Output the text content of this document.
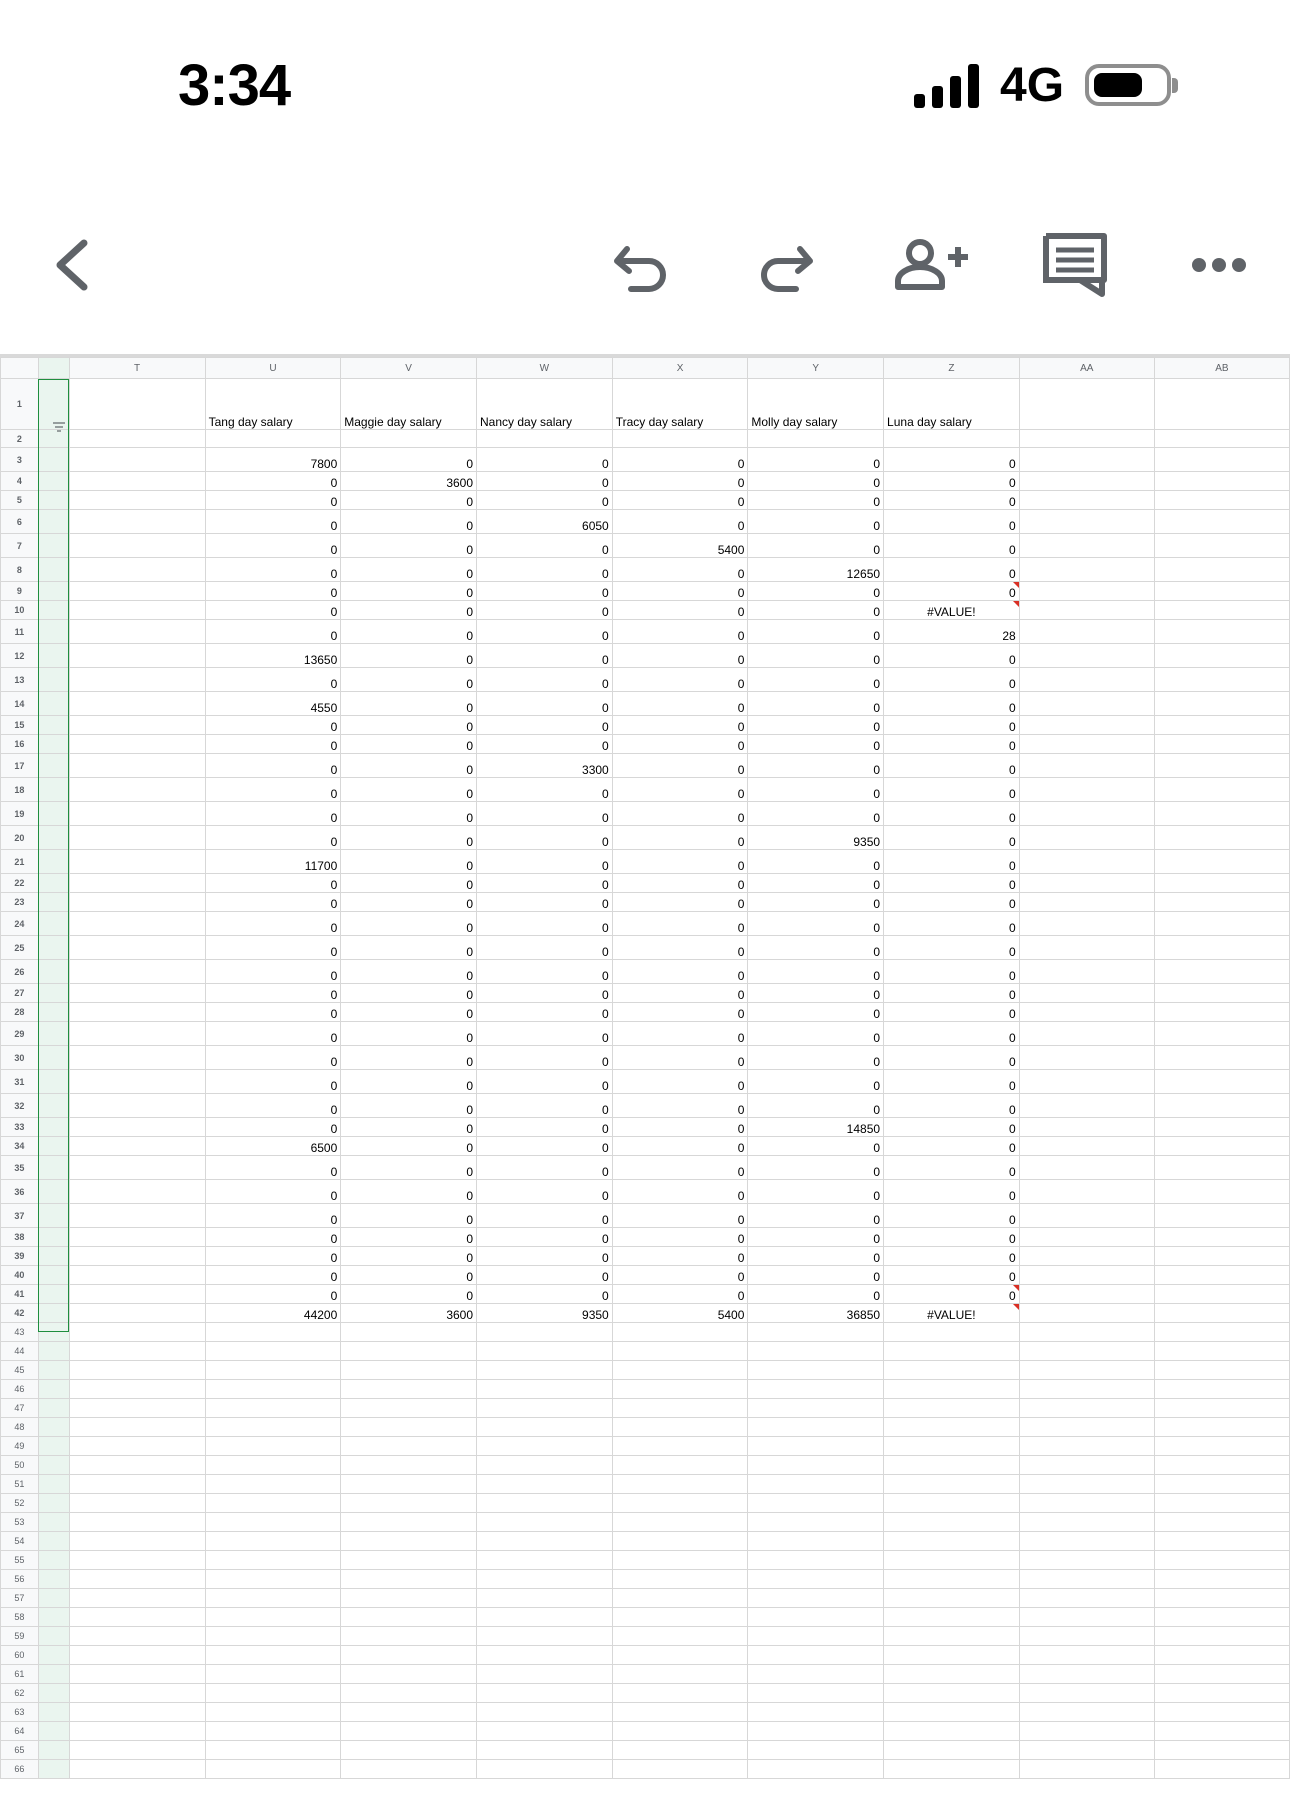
3:34	4G
		T	U	V	W	X	Y	Z	AA	AB
1			Tang day salary	Maggie day salary	Nancy day salary	Tracy day salary	Molly day salary	Luna day salary		
2										
3			7800	0	0	0	0	0		
4			0	3600	0	0	0	0		
5			0	0	0	0	0	0		
6			0	0	6050	0	0	0		
7			0	0	0	5400	0	0		
8			0	0	0	0	12650	0		
9			0	0	0	0	0	0		
10			0	0	0	0	0	#VALUE!		
11			0	0	0	0	0	28		
12			13650	0	0	0	0	0		
13			0	0	0	0	0	0		
14			4550	0	0	0	0	0		
15			0	0	0	0	0	0		
16			0	0	0	0	0	0		
17			0	0	3300	0	0	0		
18			0	0	0	0	0	0		
19			0	0	0	0	0	0		
20			0	0	0	0	9350	0		
21			11700	0	0	0	0	0		
22			0	0	0	0	0	0		
23			0	0	0	0	0	0		
24			0	0	0	0	0	0		
25			0	0	0	0	0	0		
26			0	0	0	0	0	0		
27			0	0	0	0	0	0		
28			0	0	0	0	0	0		
29			0	0	0	0	0	0		
30			0	0	0	0	0	0		
31			0	0	0	0	0	0		
32			0	0	0	0	0	0		
33			0	0	0	0	14850	0		
34			6500	0	0	0	0	0		
35			0	0	0	0	0	0		
36			0	0	0	0	0	0		
37			0	0	0	0	0	0		
38			0	0	0	0	0	0		
39			0	0	0	0	0	0		
40			0	0	0	0	0	0		
41			0	0	0	0	0	0		
42			44200	3600	9350	5400	36850	#VALUE!		
43										
44										
45										
46										
47										
48										
49										
50										
51										
52										
53										
54										
55										
56										
57										
58										
59										
60										
61										
62										
63										
64										
65										
66										
